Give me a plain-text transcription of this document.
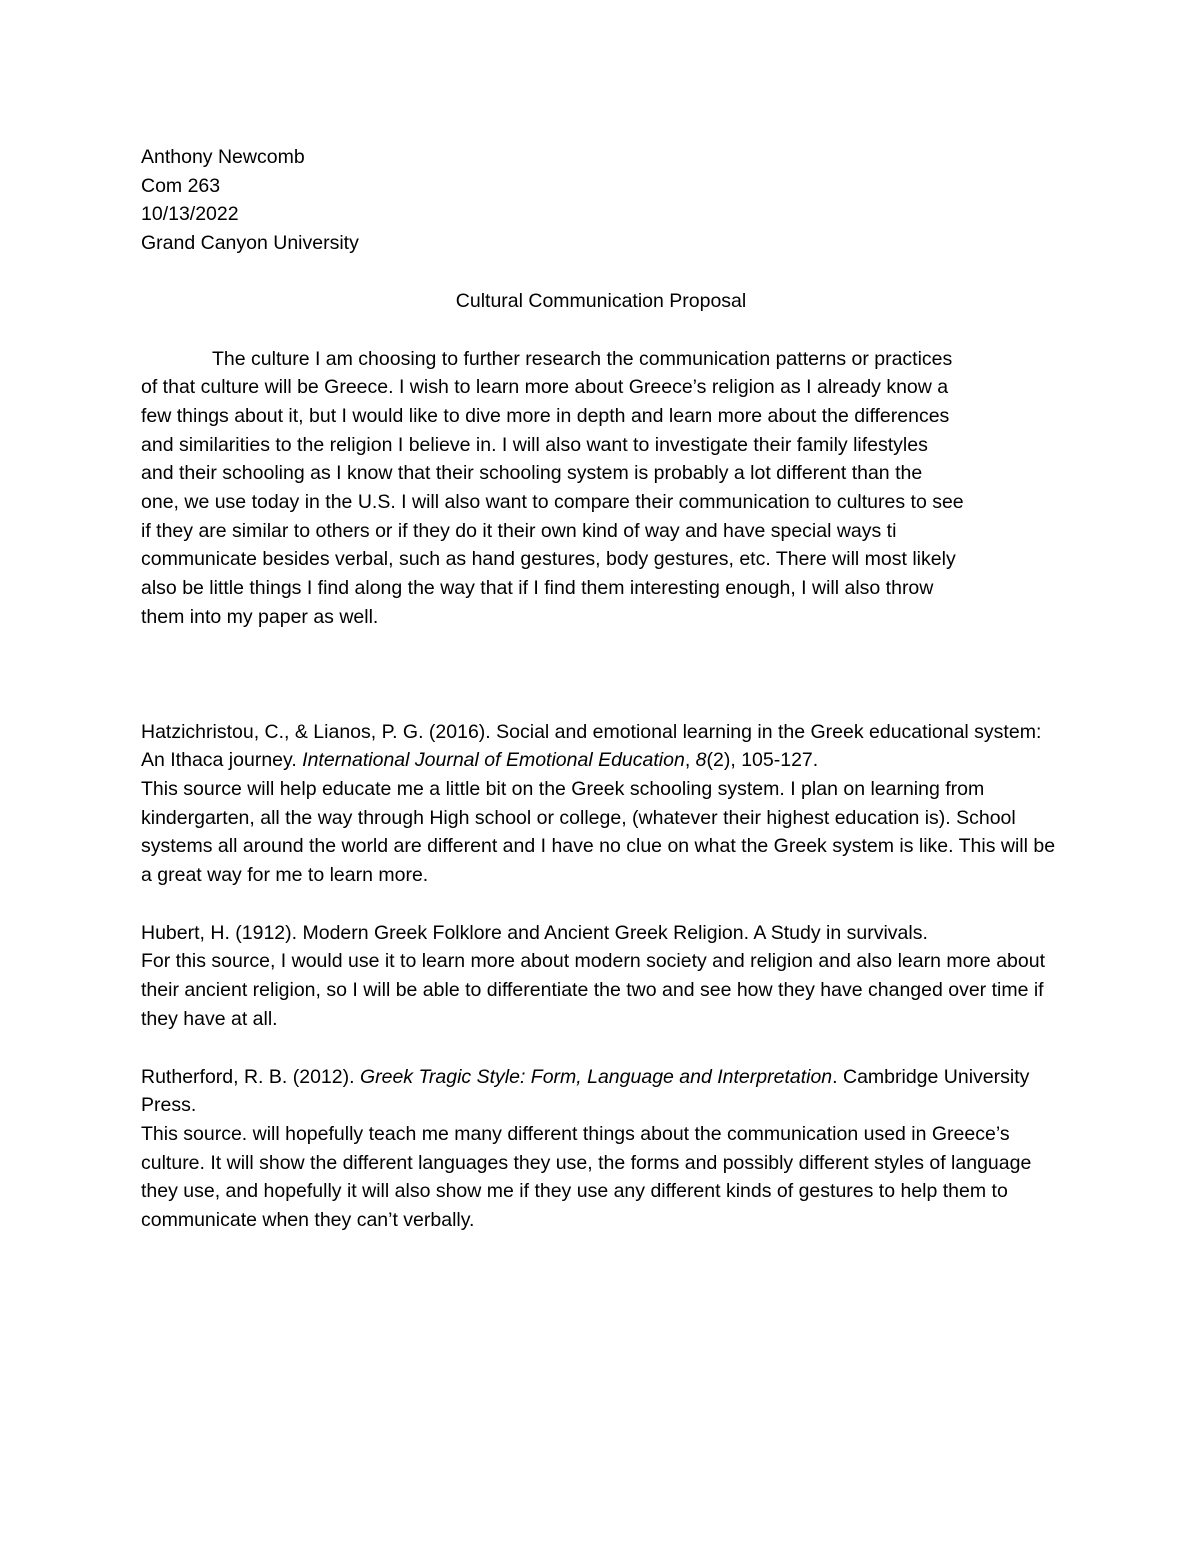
Anthony Newcomb
Com 263
10/13/2022
Grand Canyon University
Cultural Communication Proposal
The culture I am choosing to further research the communication patterns or practices
of that culture will be Greece. I wish to learn more about Greece’s religion as I already know a
few things about it, but I would like to dive more in depth and learn more about the differences
and similarities to the religion I believe in. I will also want to investigate their family lifestyles
and their schooling as I know that their schooling system is probably a lot different than the
one, we use today in the U.S. I will also want to compare their communication to cultures to see
if they are similar to others or if they do it their own kind of way and have special ways ti
communicate besides verbal, such as hand gestures, body gestures, etc. There will most likely
also be little things I find along the way that if I find them interesting enough, I will also throw
them into my paper as well.
Hatzichristou, C., & Lianos, P. G. (2016). Social and emotional learning in the Greek educational system:
An Ithaca journey. International Journal of Emotional Education, 8(2), 105-127.
This source will help educate me a little bit on the Greek schooling system. I plan on learning from
kindergarten, all the way through High school or college, (whatever their highest education is). School
systems all around the world are different and I have no clue on what the Greek system is like. This will be
a great way for me to learn more.
Hubert, H. (1912). Modern Greek Folklore and Ancient Greek Religion. A Study in survivals.
For this source, I would use it to learn more about modern society and religion and also learn more about
their ancient religion, so I will be able to differentiate the two and see how they have changed over time if
they have at all.
Rutherford, R. B. (2012). Greek Tragic Style: Form, Language and Interpretation. Cambridge University
Press.
This source. will hopefully teach me many different things about the communication used in Greece’s
culture. It will show the different languages they use, the forms and possibly different styles of language
they use, and hopefully it will also show me if they use any different kinds of gestures to help them to
communicate when they can’t verbally.
